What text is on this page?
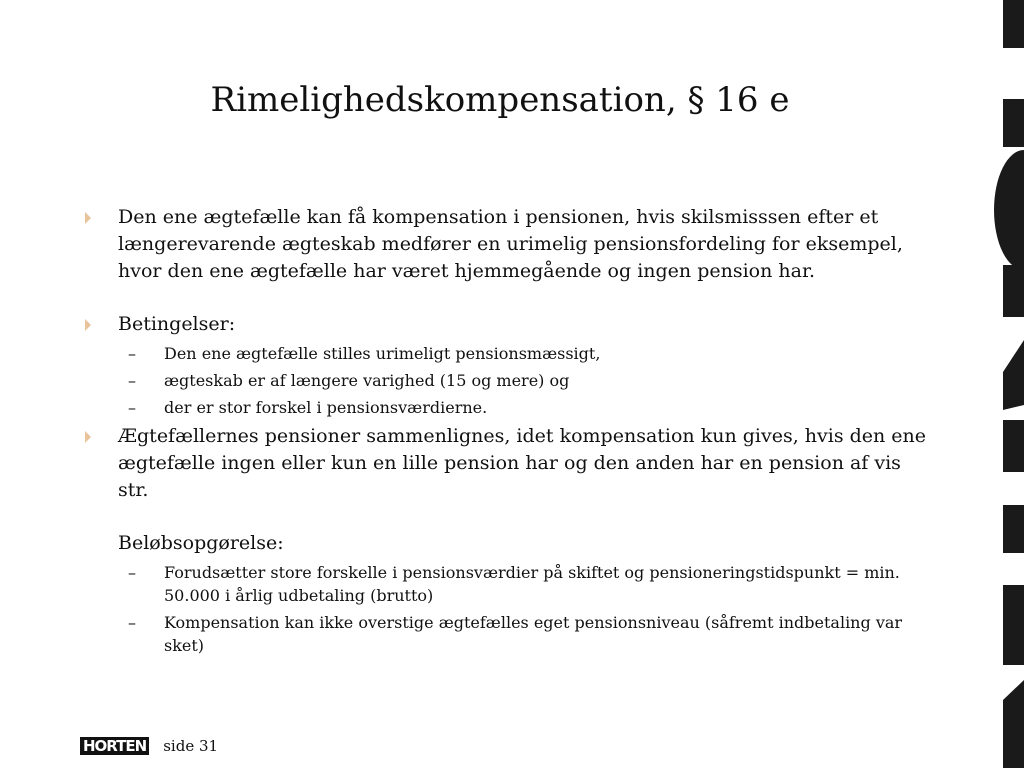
Rimelighedskompensation, § 16 e

Den ene ægtefælle kan få kompensation i pensionen, hvis skilsmisssen efter et længerevarende ægteskab medfører en urimelig pensionsfordeling for eksempel, hvor den ene ægtefælle har været hjemmegående og ingen pension har.

Betingelser:

– Den ene ægtefælle stilles urimeligt pensionsmæssigt,

– ægteskab er af længere varighed (15 og mere) og

– der er stor forskel i pensionsværdierne.

Ægtefællernes pensioner sammenlignes, idet kompensation kun gives, hvis den ene ægtefælle ingen eller kun en lille pension har og den anden har en pension af vis str.

Beløbsopgørelse:

– Forudsætter store forskelle i pensionsværdier på skiftet og pensioneringstidspunkt = min. 50.000 i årlig udbetaling (brutto)

– Kompensation kan ikke overstige ægtefælles eget pensionsniveau (såfremt indbetaling var sket)

HORTEN side 31
